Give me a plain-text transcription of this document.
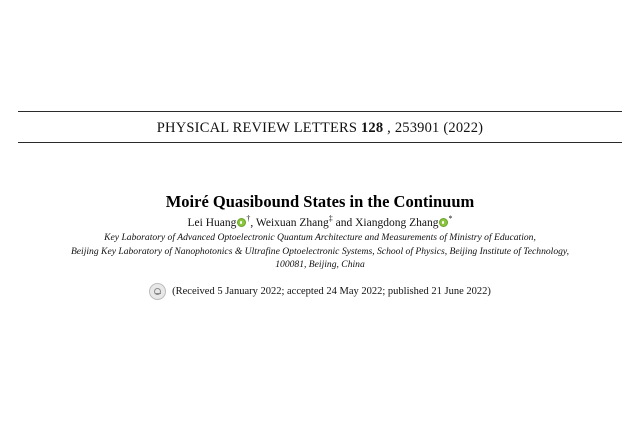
PHYSICAL REVIEW LETTERS 128 , 253901 (2022)
Moiré Quasibound States in the Continuum
Lei Huang †, Weixuan Zhang‡ and Xiangdong Zhang *
Key Laboratory of Advanced Optoelectronic Quantum Architecture and Measurements of Ministry of Education,
Beijing Key Laboratory of Nanophotonics & Ultrafine Optoelectronic Systems, School of Physics, Beijing Institute of Technology,
100081, Beijing, China
(Received 5 January 2022; accepted 24 May 2022; published 21 June 2022)
